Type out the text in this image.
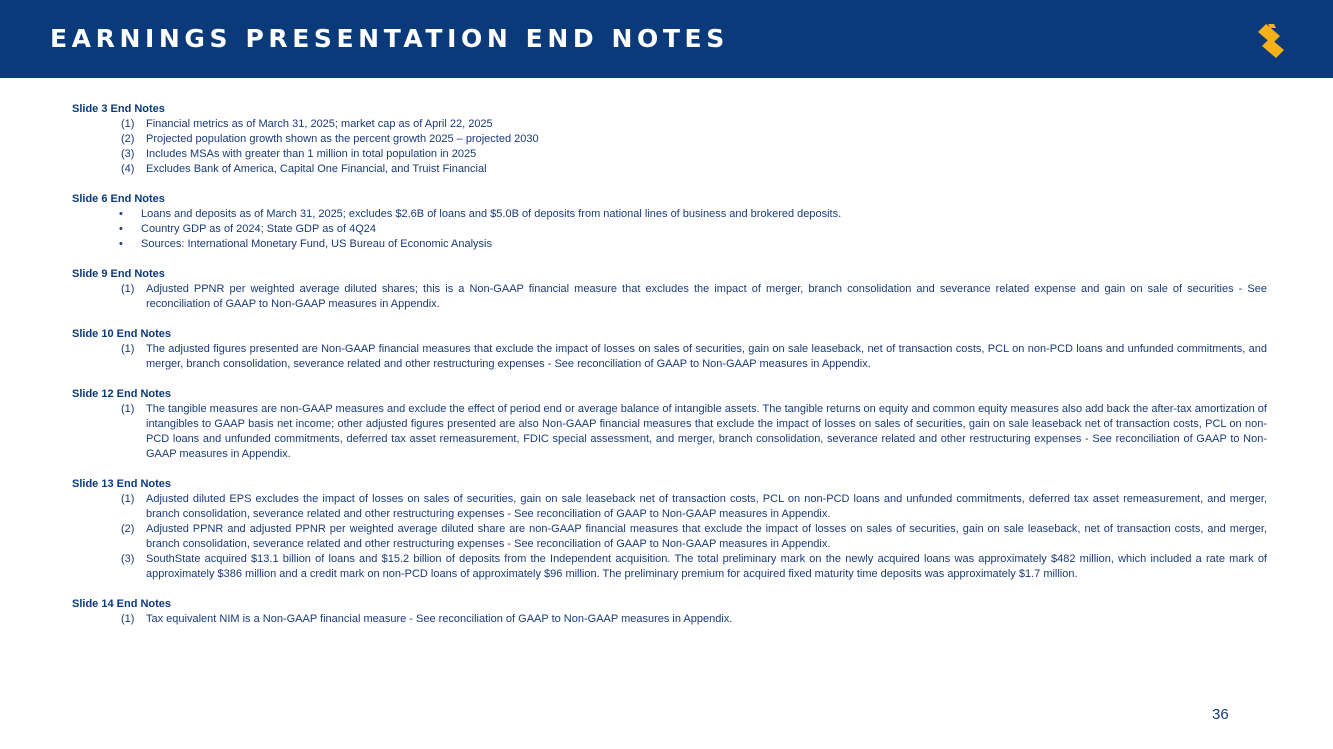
EARNINGS PRESENTATION END NOTES
Slide 3 End Notes
(1)	Financial metrics as of March 31, 2025; market cap as of April 22, 2025
(2)	Projected population growth shown as the percent growth 2025 – projected 2030
(3)	Includes MSAs with greater than 1 million in total population in 2025
(4)	Excludes Bank of America, Capital One Financial, and Truist Financial
Slide 6 End Notes
•	Loans and deposits as of March 31, 2025; excludes $2.6B of loans and $5.0B of deposits from national lines of business and brokered deposits.
•	Country GDP as of 2024; State GDP as of 4Q24
•	Sources: International Monetary Fund, US Bureau of Economic Analysis
Slide 9 End Notes
(1)	Adjusted PPNR per weighted average diluted shares; this is a Non-GAAP financial measure that excludes the impact of merger, branch consolidation and severance related expense and gain on sale of securities - See reconciliation of GAAP to Non-GAAP measures in Appendix.
Slide 10 End Notes
(1)	The adjusted figures presented are Non-GAAP financial measures that exclude the impact of losses on sales of securities, gain on sale leaseback, net of transaction costs, PCL on non-PCD loans and unfunded commitments, and merger, branch consolidation, severance related and other restructuring expenses - See reconciliation of GAAP to Non-GAAP measures in Appendix.
Slide 12 End Notes
(1)	The tangible measures are non-GAAP measures and exclude the effect of period end or average balance of intangible assets. The tangible returns on equity and common equity measures also add back the after-tax amortization of intangibles to GAAP basis net income; other adjusted figures presented are also Non-GAAP financial measures that exclude the impact of losses on sales of securities, gain on sale leaseback net of transaction costs, PCL on non-PCD loans and unfunded commitments, deferred tax asset remeasurement, FDIC special assessment, and merger, branch consolidation, severance related and other restructuring expenses - See reconciliation of GAAP to Non-GAAP measures in Appendix.
Slide 13 End Notes
(1)	Adjusted diluted EPS excludes the impact of losses on sales of securities, gain on sale leaseback net of transaction costs, PCL on non-PCD loans and unfunded commitments, deferred tax asset remeasurement, and merger, branch consolidation, severance related and other restructuring expenses - See reconciliation of GAAP to Non-GAAP measures in Appendix.
(2)	Adjusted PPNR and adjusted PPNR per weighted average diluted share are non-GAAP financial measures that exclude the impact of losses on sales of securities, gain on sale leaseback, net of transaction costs, and merger, branch consolidation, severance related and other restructuring expenses - See reconciliation of GAAP to Non-GAAP measures in Appendix.
(3)	SouthState acquired $13.1 billion of loans and $15.2 billion of deposits from the Independent acquisition. The total preliminary mark on the newly acquired loans was approximately $482 million, which included a rate mark of approximately $386 million and a credit mark on non-PCD loans of approximately $96 million. The preliminary premium for acquired fixed maturity time deposits was approximately $1.7 million.
Slide 14 End Notes
(1)	Tax equivalent NIM is a Non-GAAP financial measure - See reconciliation of GAAP to Non-GAAP measures in Appendix.
36
